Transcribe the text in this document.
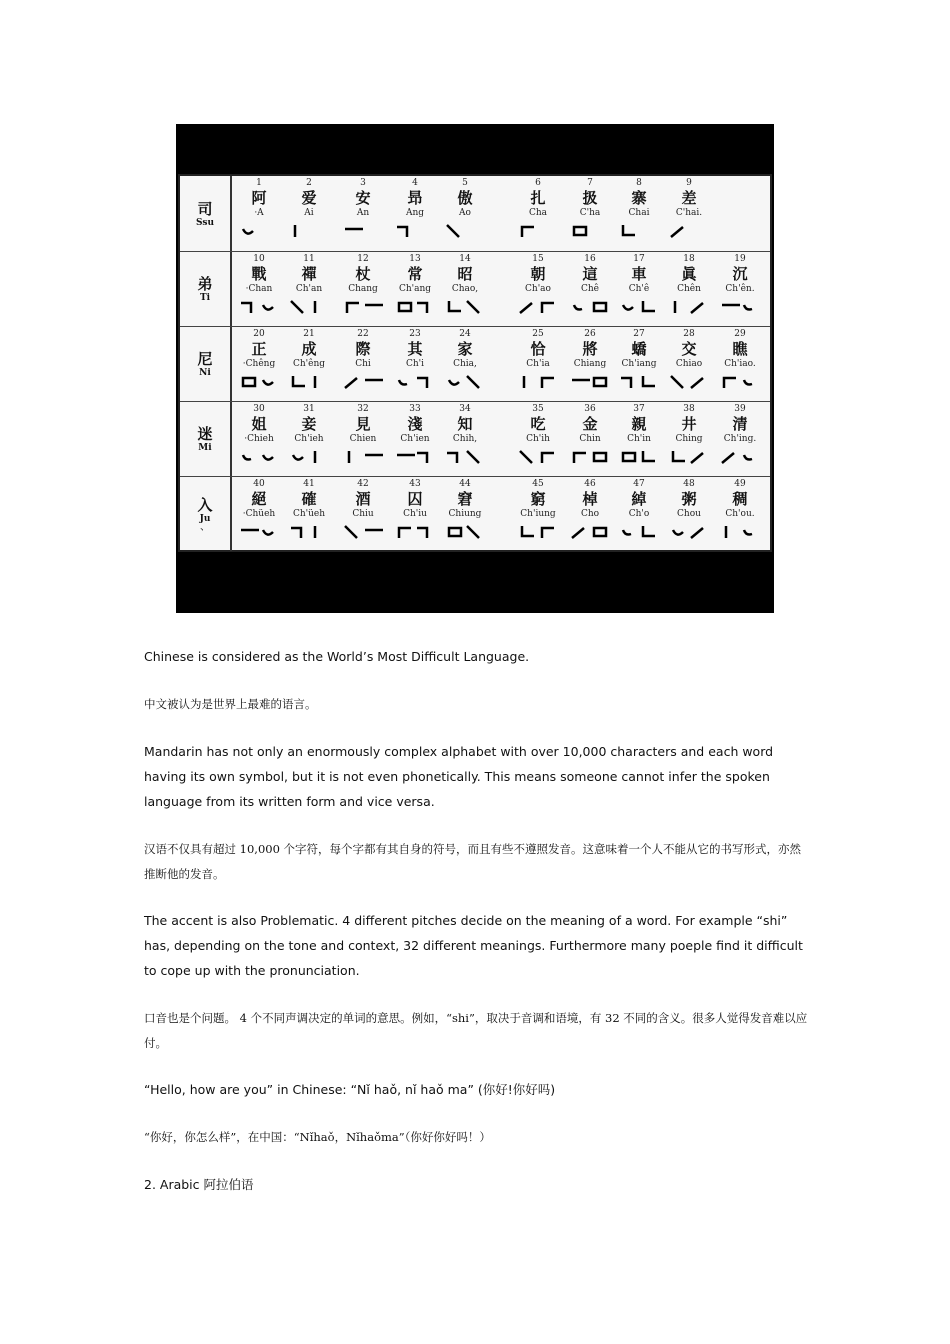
司
Ssu
1
阿
·A
2
爱
Ai
3
安
An
4
昻
Ang
5
傲
Ao
6
扎
Cha
7
扱
C'ha
8
寨
Chai
9
差
C'hai.
弟
Ti
10
戰
·Chan
11
禪
Ch'an
12
杖
Chang
13
常
Ch'ang
14
昭
Chao,
15
朝
Ch'ao
16
這
Chê
17
車
Ch'ê
18
眞
Chên
19
沉
Ch'ên.
尼
Ni
20
正
·Chêng
21
成
Ch'êng
22
際
Chi
23
其
Ch'i
24
家
Chia,
25
恰
Ch'ia
26
將
Chiang
27
蟜
Ch'iang
28
交
Chiao
29
瞧
Ch'iao.
迷
Mi
30
姐
·Chieh
31
妾
Ch'ieh
32
見
Chien
33
淺
Ch'ien
34
知
Chih,
35
吃
Ch'ih
36
金
Chin
37
親
Ch'in
38
井
Ching
39
清
Ch'ing.
入
Ju
、
40
絕
·Chüeh
41
確
Ch'üeh
42
酒
Chiu
43
囚
Ch'iu
44
窘
Chiung
45
窮
Ch'iung
46
棹
Cho
47
綽
Ch'o
48
粥
Chou
49
稠
Ch'ou.
Chinese is considered as the World’s Most Difficult Language.
中文被认为是世界上最难的语言。
Mandarin has not only an enormously complex alphabet with over 10,000 characters and each word having its own symbol, but it is not even phonetically. This means someone cannot infer the spoken language from its written form and vice versa.
汉语不仅具有超过 10,000 个字符，每个字都有其自身的符号，而且有些不遵照发音。这意味着一个人不能从它的书写形式，亦然推断他的发音。
The accent is also Problematic. 4 different pitches decide on the meaning of a word. For example “shi” has, depending on the tone and context, 32 different meanings. Furthermore many poeple find it difficult to cope up with the pronunciation.
口音也是个问题。 4 个不同声调决定的单词的意思。例如，“shi”，取决于音调和语境，有 32 不同的含义。很多人觉得发音难以应付。
“Hello, how are you” in Chinese: “Nǐ haǒ, nǐ haǒ ma” (你好!你好吗)
“你好，你怎么样”，在中国：“Nǐhaǒ，Nǐhaǒma”（你好你好吗！）
2. Arabic 阿拉伯语
